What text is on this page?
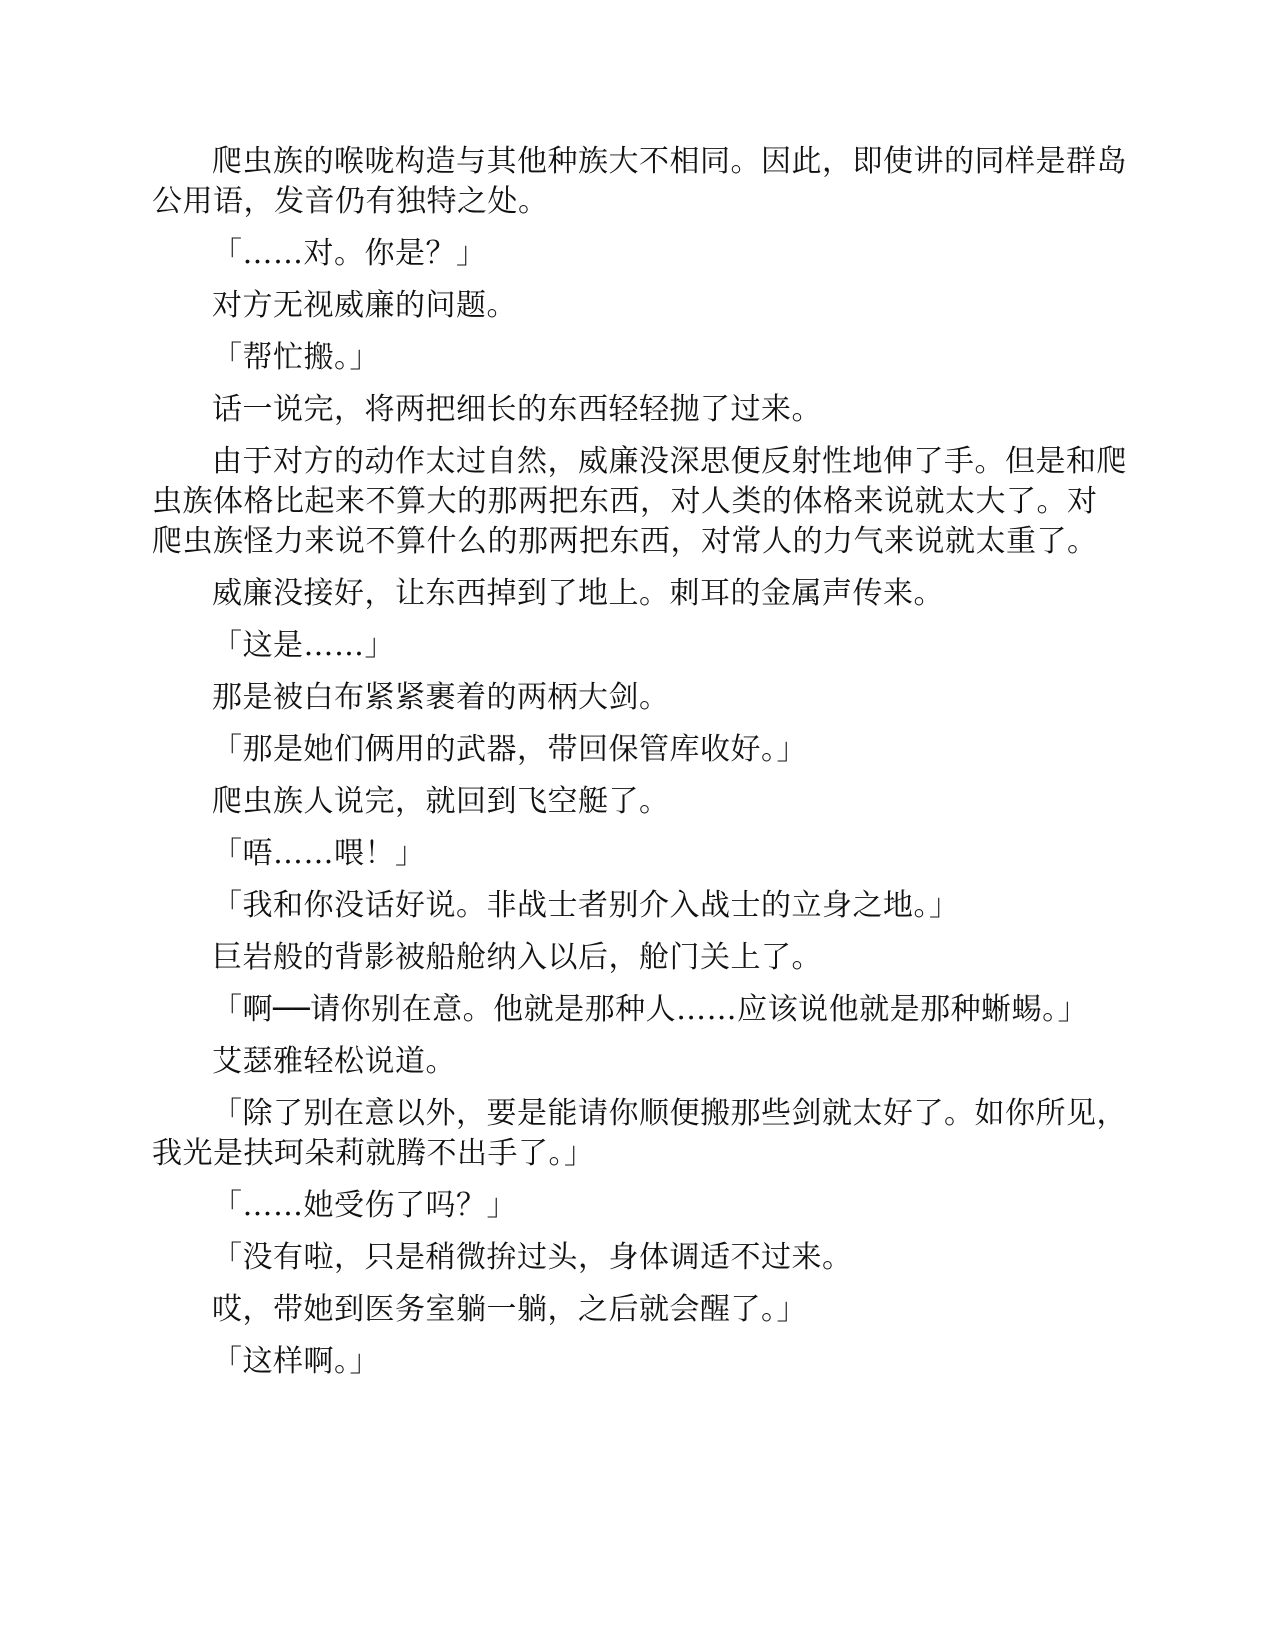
爬虫族的喉咙构造与其他种族大不相同。因此，即使讲的同样是群岛公用语，发音仍有独特之处。

「……对。你是？」

对方无视威廉的问题。

「帮忙搬。」

话一说完，将两把细长的东西轻轻抛了过来。

由于对方的动作太过自然，威廉没深思便反射性地伸了手。但是和爬虫族体格比起来不算大的那两把东西，对人类的体格来说就太大了。对爬虫族怪力来说不算什么的那两把东西，对常人的力气来说就太重了。

威廉没接好，让东西掉到了地上。刺耳的金属声传来。

「这是……」

那是被白布紧紧裹着的两柄大剑。

「那是她们俩用的武器，带回保管库收好。」

爬虫族人说完，就回到飞空艇了。

「唔……喂！」

「我和你没话好说。非战士者别介入战士的立身之地。」

巨岩般的背影被船舱纳入以后，舱门关上了。

「啊──请你别在意。他就是那种人……应该说他就是那种蜥蜴。」

艾瑟雅轻松说道。

「除了别在意以外，要是能请你顺便搬那些剑就太好了。如你所见，我光是扶珂朵莉就腾不出手了。」

「……她受伤了吗？」

「没有啦，只是稍微拚过头，身体调适不过来。

哎，带她到医务室躺一躺，之后就会醒了。」

「这样啊。」
